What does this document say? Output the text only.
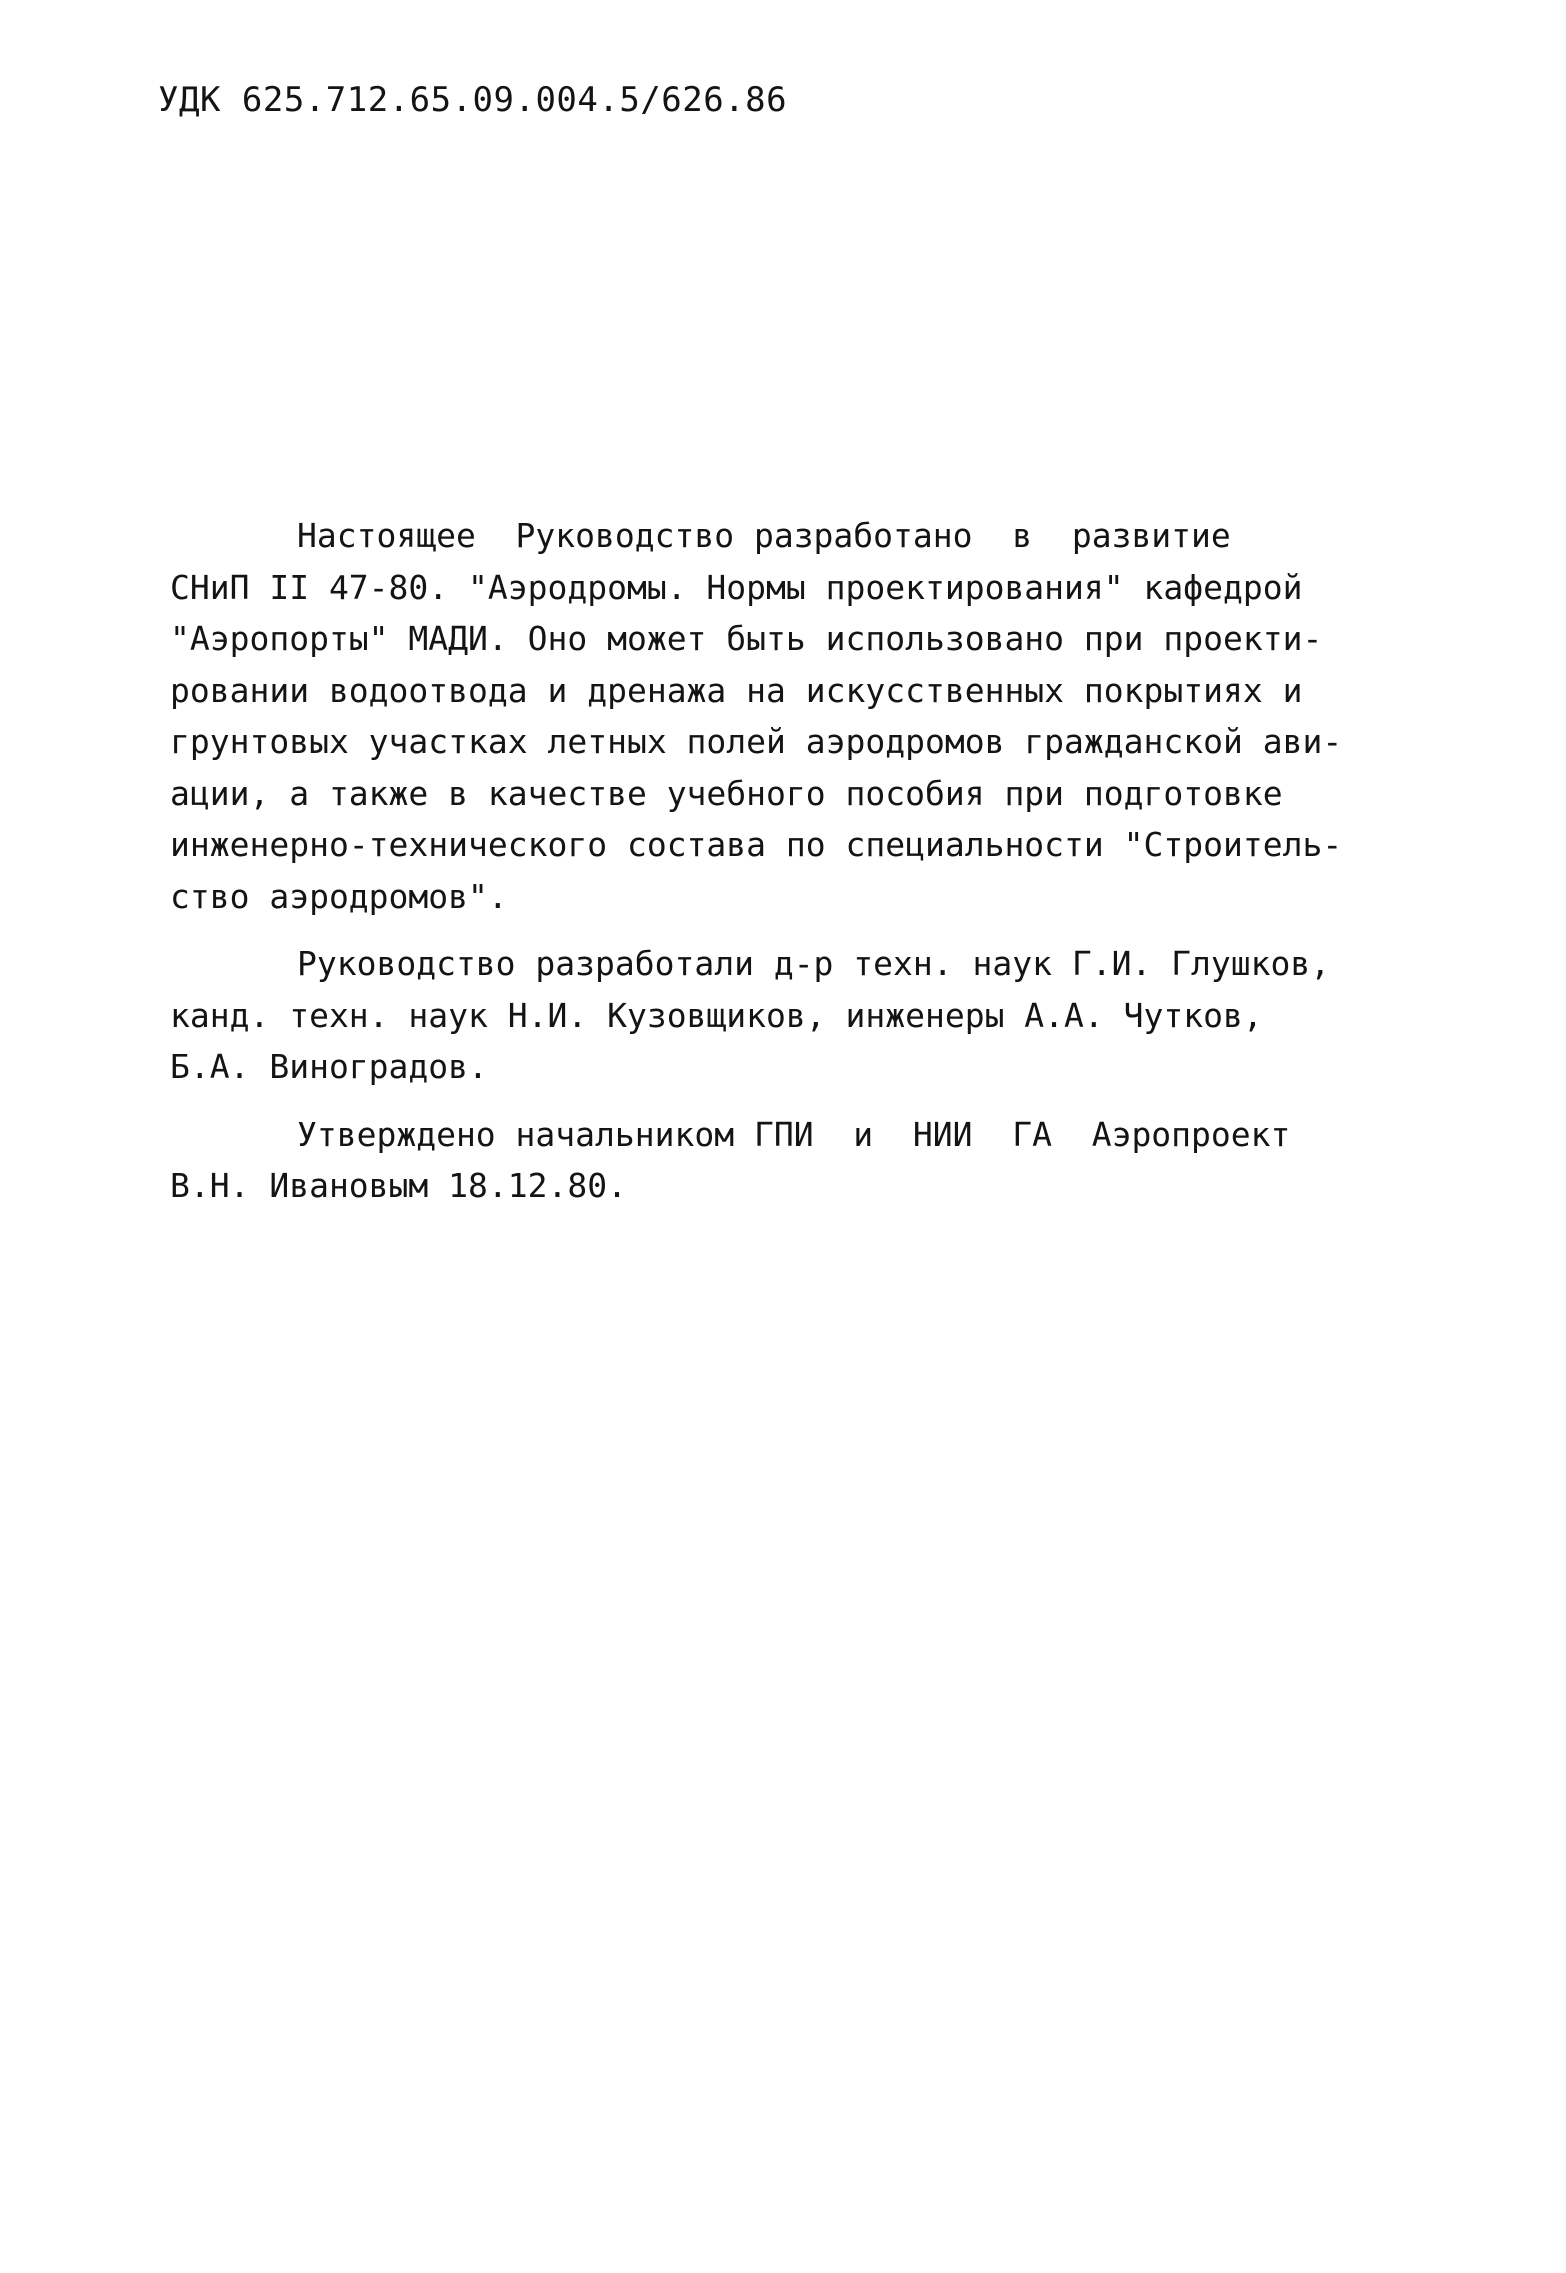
УДК 625.712.65.09.004.5/626.86
Настоящее  Руководство разработано  в  развитие
СНиП II 47-80. "Аэродромы. Нормы проектирования" кафедрой
"Аэропорты" МАДИ. Оно может быть использовано при проекти-
ровании водоотвода и дренажа на искусственных покрытиях и
грунтовых участках летных полей аэродромов гражданской ави-
ации, а также в качестве учебного пособия при подготовке
инженерно-технического состава по специальности "Строитель-
ство аэродромов".
Руководство разработали д-р техн. наук Г.И. Глушков,
канд. техн. наук Н.И. Кузовщиков, инженеры А.А. Чутков,
Б.А. Виноградов.
Утверждено начальником ГПИ  и  НИИ  ГА  Аэропроект
В.Н. Ивановым 18.12.80.
